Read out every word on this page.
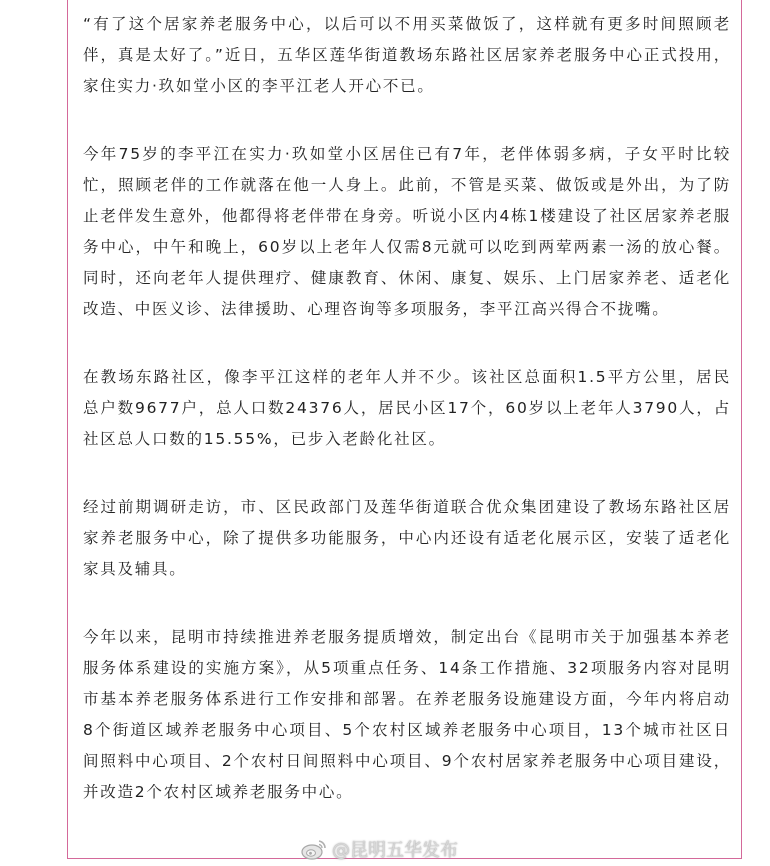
“有了这个居家养老服务中心，以后可以不用买菜做饭了，这样就有更多时间照顾老伴，真是太好了。”近日，五华区莲华街道教场东路社区居家养老服务中心正式投用，家住实力·玖如堂小区的李平江老人开心不已。

今年75岁的李平江在实力·玖如堂小区居住已有7年，老伴体弱多病，子女平时比较忙，照顾老伴的工作就落在他一人身上。此前，不管是买菜、做饭或是外出，为了防止老伴发生意外，他都得将老伴带在身旁。听说小区内4栋1楼建设了社区居家养老服务中心，中午和晚上，60岁以上老年人仅需8元就可以吃到两荤两素一汤的放心餐。同时，还向老年人提供理疗、健康教育、休闲、康复、娱乐、上门居家养老、适老化改造、中医义诊、法律援助、心理咨询等多项服务，李平江高兴得合不拢嘴。

在教场东路社区，像李平江这样的老年人并不少。该社区总面积1.5平方公里，居民总户数9677户，总人口数24376人，居民小区17个，60岁以上老年人3790人，占社区总人口数的15.55%，已步入老龄化社区。

经过前期调研走访，市、区民政部门及莲华街道联合优众集团建设了教场东路社区居家养老服务中心，除了提供多功能服务，中心内还设有适老化展示区，安装了适老化家具及辅具。

今年以来，昆明市持续推进养老服务提质增效，制定出台《昆明市关于加强基本养老服务体系建设的实施方案》，从5项重点任务、14条工作措施、32项服务内容对昆明市基本养老服务体系进行工作安排和部署。在养老服务设施建设方面，今年内将启动8个街道区域养老服务中心项目、5个农村区域养老服务中心项目，13个城市社区日间照料中心项目、2个农村日间照料中心项目、9个农村居家养老服务中心项目建设，并改造2个农村区域养老服务中心。

@昆明五华发布
